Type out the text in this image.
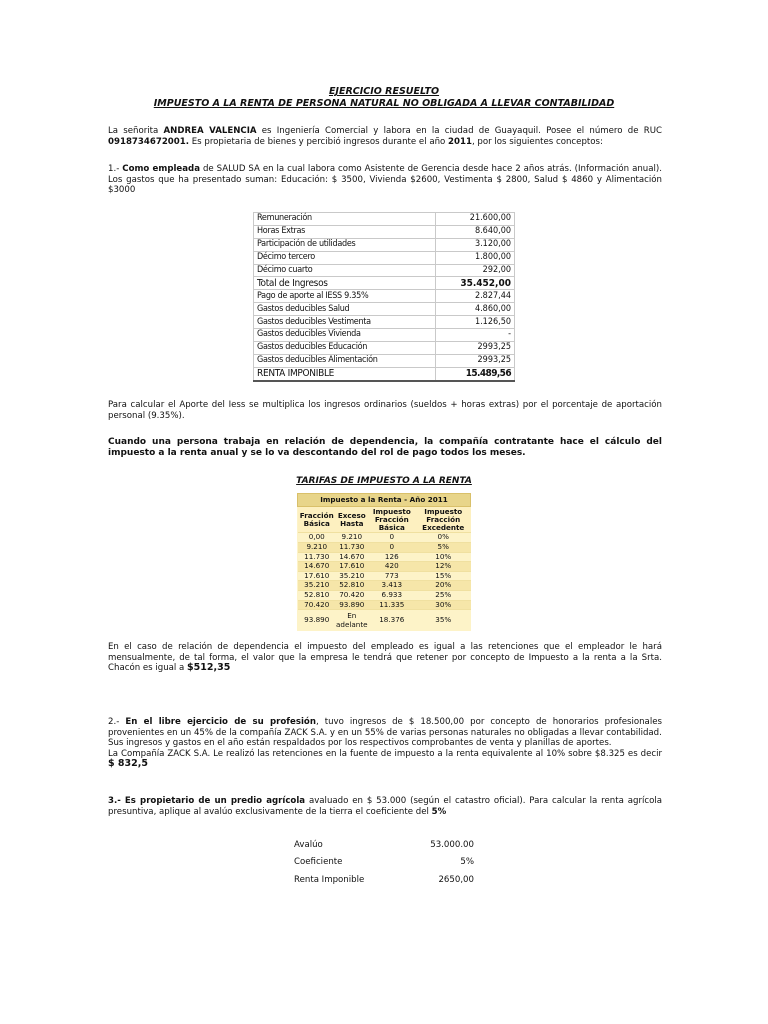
EJERCICIO RESUELTO
IMPUESTO A LA RENTA DE PERSONA NATURAL NO OBLIGADA A LLEVAR CONTABILIDAD
La señorita ANDREA VALENCIA es Ingeniería Comercial y labora en la ciudad de Guayaquil. Posee el número de RUC 0918734672001. Es propietaria de bienes y percibió ingresos durante el año 2011, por los siguientes conceptos:
1.- Como empleada de SALUD SA en la cual labora como Asistente de Gerencia desde hace 2 años atrás. (Información anual). Los gastos que ha presentado suman: Educación: $ 3500, Vivienda $2600, Vestimenta $ 2800, Salud $ 4860 y Alimentación $3000
Remuneración	21.600,00
Horas Extras	8.640,00
Participación de utilidades	3.120,00
Décimo tercero	1.800,00
Décimo cuarto	292,00
Total de Ingresos	35.452,00
Pago de aporte al IESS 9.35%	2.827,44
Gastos deducibles Salud	4.860,00
Gastos deducibles Vestimenta	1.126,50
Gastos deducibles Vivienda	-
Gastos deducibles Educación	2993,25
Gastos deducibles Alimentación	2993,25
RENTA IMPONIBLE	15.489,56
Para calcular el Aporte del Iess se multiplica los ingresos ordinarios (sueldos + horas extras) por el porcentaje de aportación personal (9.35%).
Cuando una persona trabaja en relación de dependencia, la compañía contratante hace el cálculo del impuesto a la renta anual y se lo va descontando del rol de pago todos los meses.
TARIFAS DE IMPUESTO A LA RENTA
Impuesto a la Renta - Año 2011			
Fracción Básica	Exceso Hasta	Impuesto Fracción Básica	Impuesto Fracción Excedente
0,00	9.210	0	0%
9.210	11.730	0	5%
11.730	14.670	126	10%
14.670	17.610	420	12%
17.610	35.210	773	15%
35.210	52.810	3.413	20%
52.810	70.420	6.933	25%
70.420	93.890	11.335	30%
93.890	En adelante	18.376	35%
En el caso de relación de dependencia el impuesto del empleado es igual a las retenciones que el empleador le hará mensualmente, de tal forma, el valor que la empresa le tendrá que retener por concepto de Impuesto a la renta a la Srta. Chacón es igual a $512,35
2.- En el libre ejercicio de su profesión, tuvo ingresos de $ 18.500,00 por concepto de honorarios profesionales provenientes en un 45% de la compañía ZACK S.A. y en un 55% de varias personas naturales no obligadas a llevar contabilidad.
Sus ingresos y gastos en el año están respaldados por los respectivos comprobantes de venta y planillas de aportes.
La Compañía ZACK S.A. Le realizó las retenciones en la fuente de impuesto a la renta equivalente al 10% sobre $8.325 es decir $ 832,5
3.- Es propietario de un predio agrícola avaluado en $ 53.000 (según el catastro oficial). Para calcular la renta agrícola presuntiva, aplique al avalúo exclusivamente de la tierra el coeficiente del 5%
Avalúo	53.000.00
Coeficiente	5%
Renta Imponible	2650,00
